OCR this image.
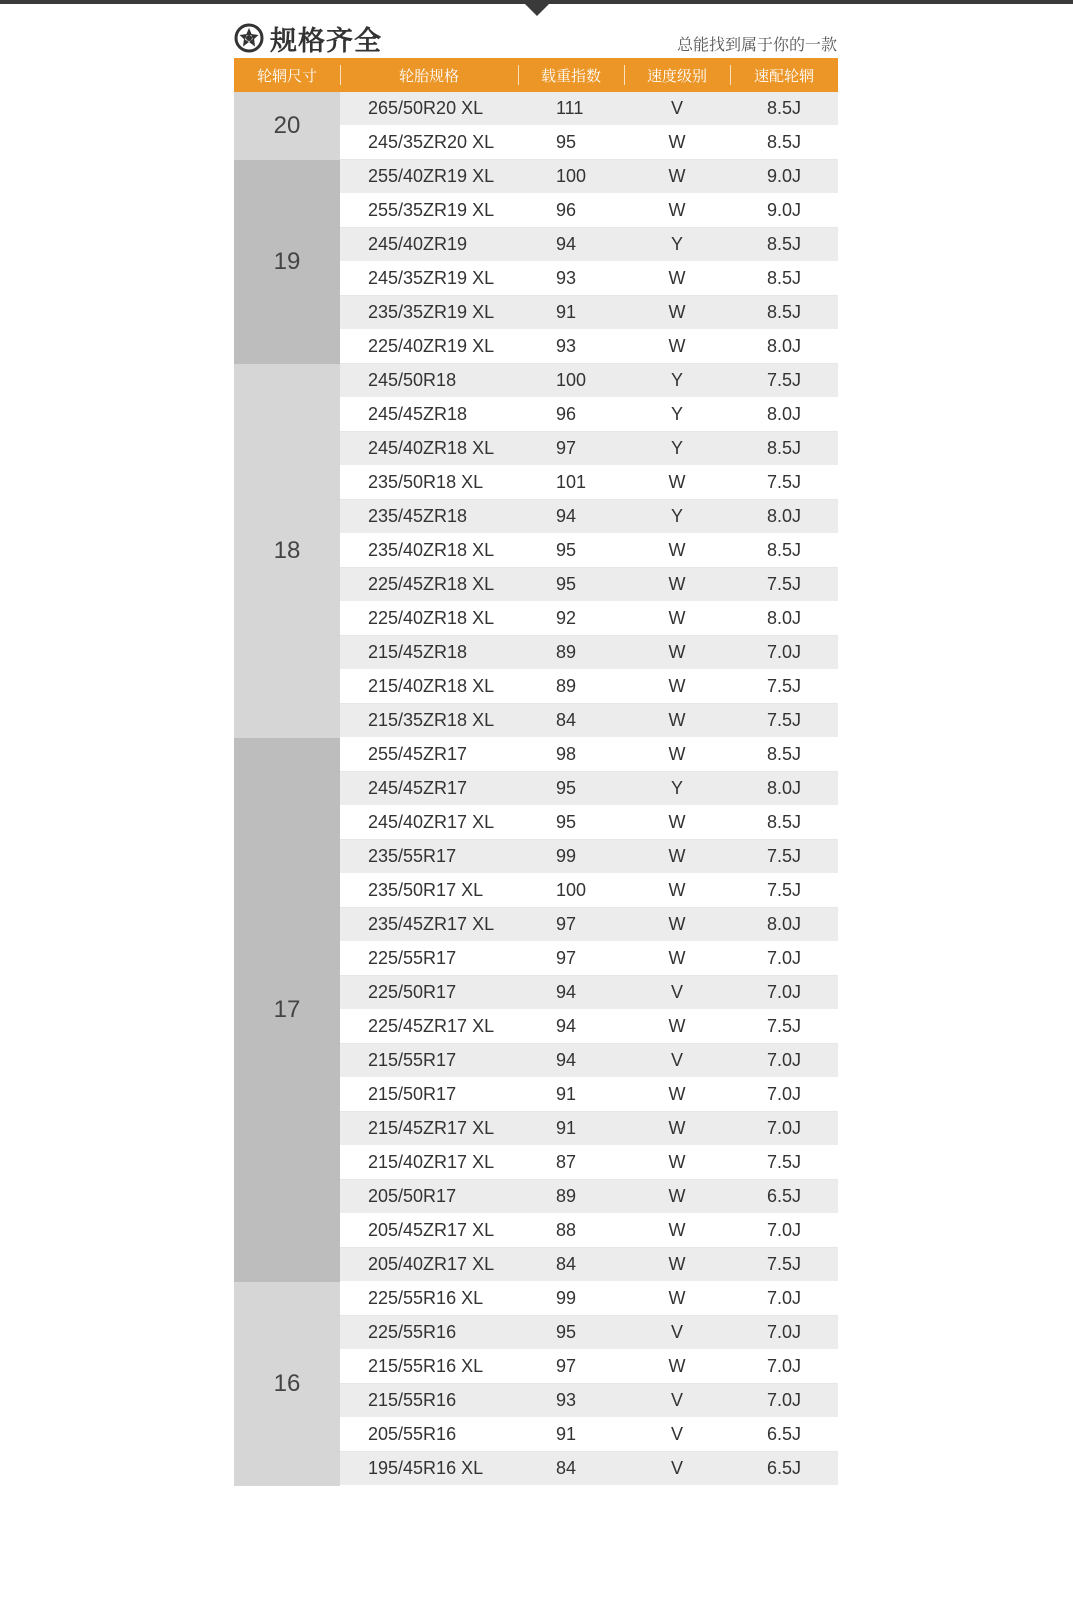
规格齐全	总能找到属于你的一款
轮辋尺寸	轮胎规格	载重指数	速度级别	速配轮辋
20
265/50R20 XL	111	V	8.5J
245/35ZR20 XL	95	W	8.5J
19
255/40ZR19 XL	100	W	9.0J
255/35ZR19 XL	96	W	9.0J
245/40ZR19	94	Y	8.5J
245/35ZR19 XL	93	W	8.5J
235/35ZR19 XL	91	W	8.5J
225/40ZR19 XL	93	W	8.0J
18
245/50R18	100	Y	7.5J
245/45ZR18	96	Y	8.0J
245/40ZR18 XL	97	Y	8.5J
235/50R18 XL	101	W	7.5J
235/45ZR18	94	Y	8.0J
235/40ZR18 XL	95	W	8.5J
225/45ZR18 XL	95	W	7.5J
225/40ZR18 XL	92	W	8.0J
215/45ZR18	89	W	7.0J
215/40ZR18 XL	89	W	7.5J
215/35ZR18 XL	84	W	7.5J
17
255/45ZR17	98	W	8.5J
245/45ZR17	95	Y	8.0J
245/40ZR17 XL	95	W	8.5J
235/55R17	99	W	7.5J
235/50R17 XL	100	W	7.5J
235/45ZR17 XL	97	W	8.0J
225/55R17	97	W	7.0J
225/50R17	94	V	7.0J
225/45ZR17 XL	94	W	7.5J
215/55R17	94	V	7.0J
215/50R17	91	W	7.0J
215/45ZR17 XL	91	W	7.0J
215/40ZR17 XL	87	W	7.5J
205/50R17	89	W	6.5J
205/45ZR17 XL	88	W	7.0J
205/40ZR17 XL	84	W	7.5J
16
225/55R16 XL	99	W	7.0J
225/55R16	95	V	7.0J
215/55R16 XL	97	W	7.0J
215/55R16	93	V	7.0J
205/55R16	91	V	6.5J
195/45R16 XL	84	V	6.5J
